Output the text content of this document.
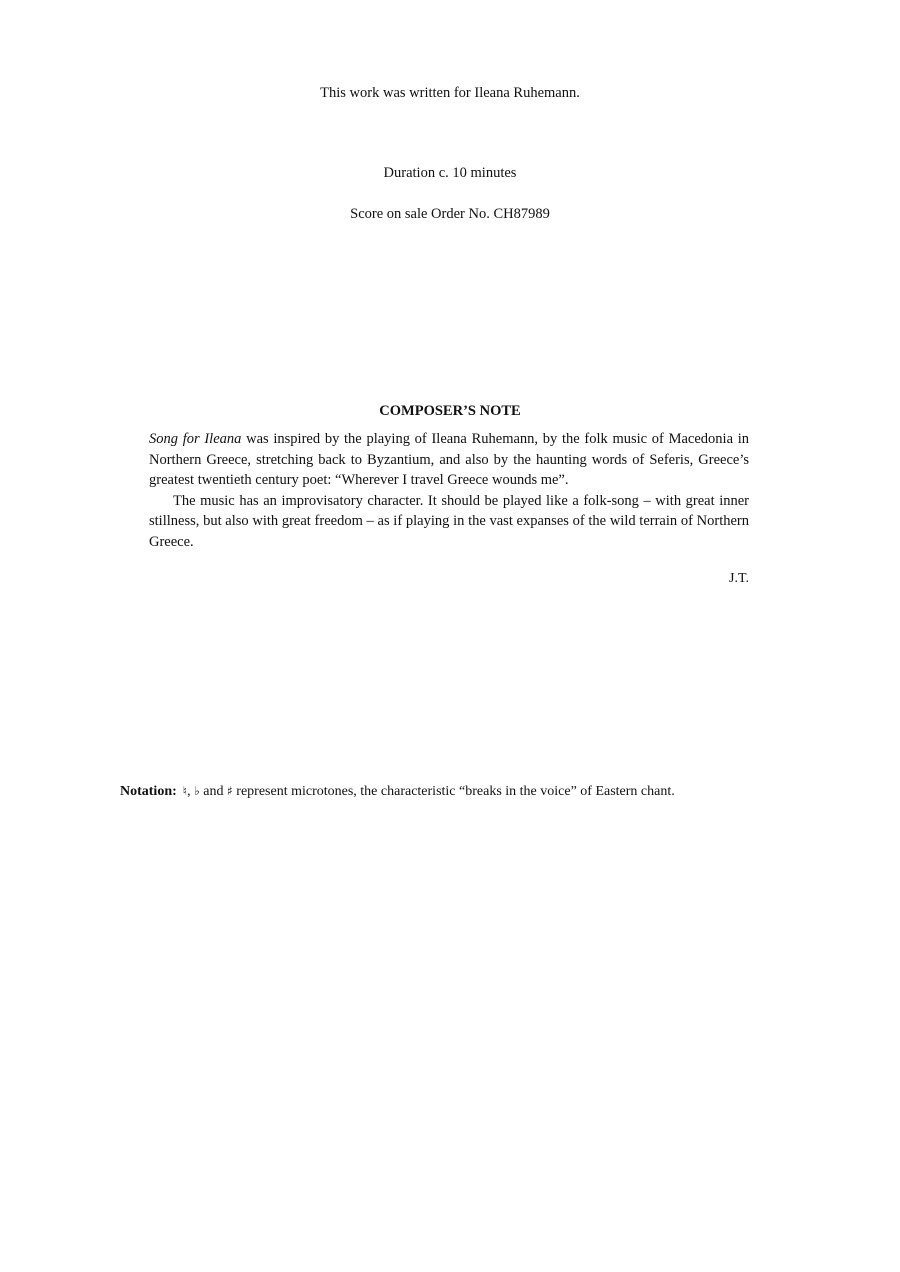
This work was written for Ileana Ruhemann.
Duration c. 10 minutes
Score on sale Order No. CH87989
COMPOSER’S NOTE

Song for Ileana was inspired by the playing of Ileana Ruhemann, by the folk music of Macedonia in Northern Greece, stretching back to Byzantium, and also by the haunting words of Seferis, Greece’s greatest twentieth century poet: “Wherever I travel Greece wounds me”.

The music has an improvisatory character. It should be played like a folk-song – with great inner stillness, but also with great freedom – as if playing in the vast expanses of the wild terrain of Northern Greece.

J.T.
Notation: ♮, ♭ and ♯ represent microtones, the characteristic “breaks in the voice” of Eastern chant.
